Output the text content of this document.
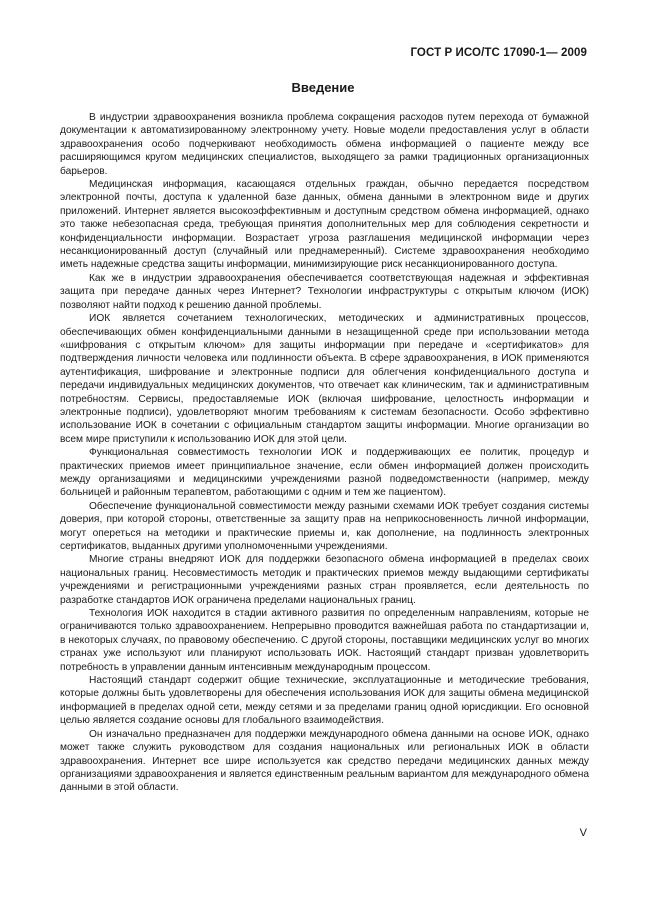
ГОСТ Р ИСО/ТС 17090-1— 2009
Введение

В индустрии здравоохранения возникла проблема сокращения расходов путем перехода от бумажной документации к автоматизированному электронному учету. Новые модели предоставления услуг в области здравоохранения особо подчеркивают необходимость обмена информацией о пациенте между все расширяющимся кругом медицинских специалистов, выходящего за рамки традиционных организационных барьеров.

Медицинская информация, касающаяся отдельных граждан, обычно передается посредством электронной почты, доступа к удаленной базе данных, обмена данными в электронном виде и других приложений. Интернет является высокоэффективным и доступным средством обмена информацией, однако это также небезопасная среда, требующая принятия дополнительных мер для соблюдения секретности и конфиденциальности информации. Возрастает угроза разглашения медицинской информации через несанкционированный доступ (случайный или преднамеренный). Системе здравоохранения необходимо иметь надежные средства защиты информации, минимизирующие риск несанкционированного доступа.

Как же в индустрии здравоохранения обеспечивается соответствующая надежная и эффективная защита при передаче данных через Интернет? Технологии инфраструктуры с открытым ключом (ИОК) позволяют найти подход к решению данной проблемы.

ИОК является сочетанием технологических, методических и административных процессов, обеспечивающих обмен конфиденциальными данными в незащищенной среде при использовании метода «шифрования с открытым ключом» для защиты информации при передаче и «сертификатов» для подтверждения личности человека или подлинности объекта. В сфере здравоохранения, в ИОК применяются аутентификация, шифрование и электронные подписи для облегчения конфиденциального доступа и передачи индивидуальных медицинских документов, что отвечает как клиническим, так и административным потребностям. Сервисы, предоставляемые ИОК (включая шифрование, целостность информации и электронные подписи), удовлетворяют многим требованиям к системам безопасности. Особо эффективно использование ИОК в сочетании с официальным стандартом защиты информации. Многие организации во всем мире приступили к использованию ИОК для этой цели.

Функциональная совместимость технологии ИОК и поддерживающих ее политик, процедур и практических приемов имеет принципиальное значение, если обмен информацией должен происходить между организациями и медицинскими учреждениями разной подведомственности (например, между больницей и районным терапевтом, работающими с одним и тем же пациентом).

Обеспечение функциональной совместимости между разными схемами ИОК требует создания системы доверия, при которой стороны, ответственные за защиту прав на неприкосновенность личной информации, могут опереться на методики и практические приемы и, как дополнение, на подлинность электронных сертификатов, выданных другими уполномоченными учреждениями.

Многие страны внедряют ИОК для поддержки безопасного обмена информацией в пределах своих национальных границ. Несовместимость методик и практических приемов между выдающими сертификаты учреждениями и регистрационными учреждениями разных стран проявляется, если деятельность по разработке стандартов ИОК ограничена пределами национальных границ.

Технология ИОК находится в стадии активного развития по определенным направлениям, которые не ограничиваются только здравоохранением. Непрерывно проводится важнейшая работа по стандартизации и, в некоторых случаях, по правовому обеспечению. С другой стороны, поставщики медицинских услуг во многих странах уже используют или планируют использовать ИОК. Настоящий стандарт призван удовлетворить потребность в управлении данным интенсивным международным процессом.

Настоящий стандарт содержит общие технические, эксплуатационные и методические требования, которые должны быть удовлетворены для обеспечения использования ИОК для защиты обмена медицинской информацией в пределах одной сети, между сетями и за пределами границ одной юрисдикции. Его основной целью является создание основы для глобального взаимодействия.

Он изначально предназначен для поддержки международного обмена данными на основе ИОК, однако может также служить руководством для создания национальных или региональных ИОК в области здравоохранения. Интернет все шире используется как средство передачи медицинских данных между организациями здравоохранения и является единственным реальным вариантом для международного обмена данными в этой области.

V
